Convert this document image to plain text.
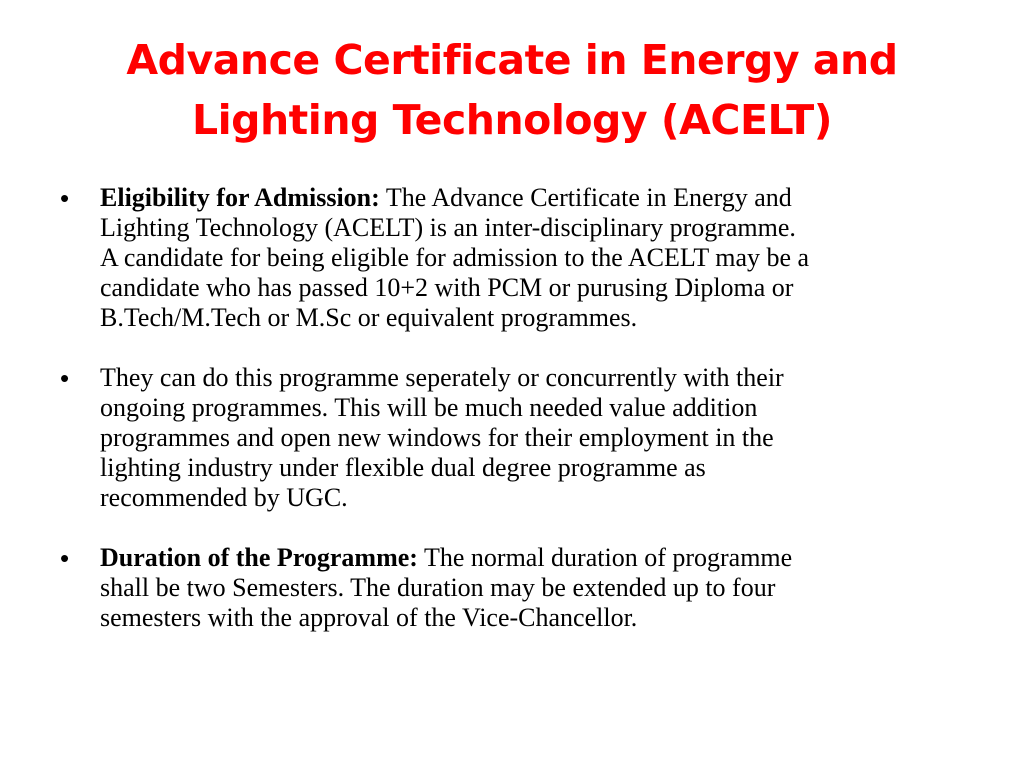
Advance Certificate in Energy and
Lighting Technology (ACELT)
• Eligibility for Admission: The Advance Certificate in Energy and
Lighting Technology (ACELT) is an inter-disciplinary programme.
A candidate for being eligible for admission to the ACELT may be a
candidate who has passed 10+2 with PCM or purusing Diploma or
B.Tech/M.Tech or M.Sc or equivalent programmes.
• They can do this programme seperately or concurrently with their
ongoing programmes. This will be much needed value addition
programmes and open new windows for their employment in the
lighting industry under flexible dual degree programme as
recommended by UGC.
• Duration of the Programme: The normal duration of programme
shall be two Semesters. The duration may be extended up to four
semesters with the approval of the Vice-Chancellor.
